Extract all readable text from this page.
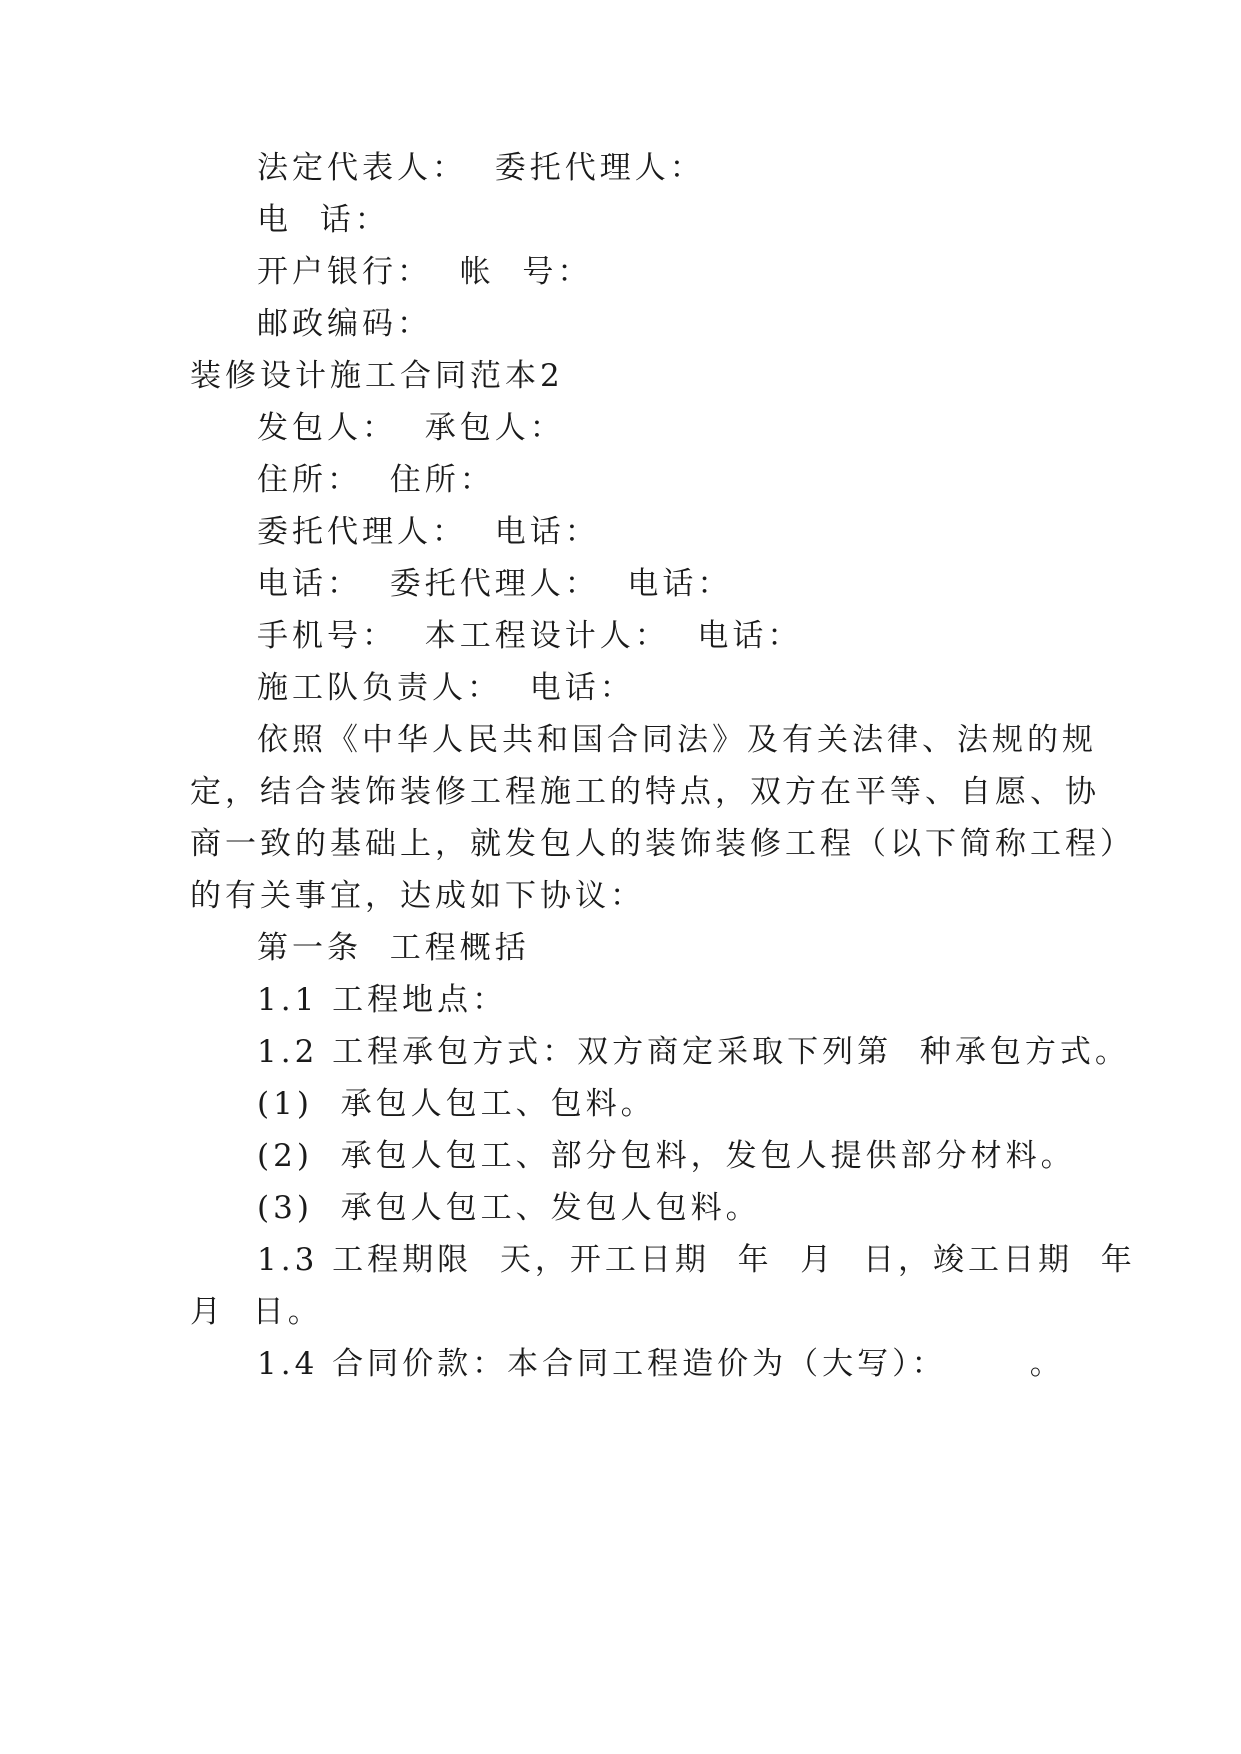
法定代表人：  委托代理人：
电  话：
开户银行：  帐  号：
邮政编码：
装修设计施工合同范本2
发包人：  承包人：
住所：  住所：
委托代理人：  电话：
电话：  委托代理人：  电话：
手机号：  本工程设计人：  电话：
施工队负责人：  电话：
依照《中华人民共和国合同法》及有关法律、法规的规
定，结合装饰装修工程施工的特点，双方在平等、自愿、协
商一致的基础上，就发包人的装饰装修工程（以下简称工程）
的有关事宜，达成如下协议：
第一条  工程概括
1.1 工程地点：
1.2 工程承包方式：双方商定采取下列第  种承包方式。
(1)  承包人包工、包料。
(2)  承包人包工、部分包料，发包人提供部分材料。
(3)  承包人包工、发包人包料。
1.3 工程期限  天，开工日期  年  月  日，竣工日期  年
月  日。
1.4 合同价款：本合同工程造价为（大写）：      。
